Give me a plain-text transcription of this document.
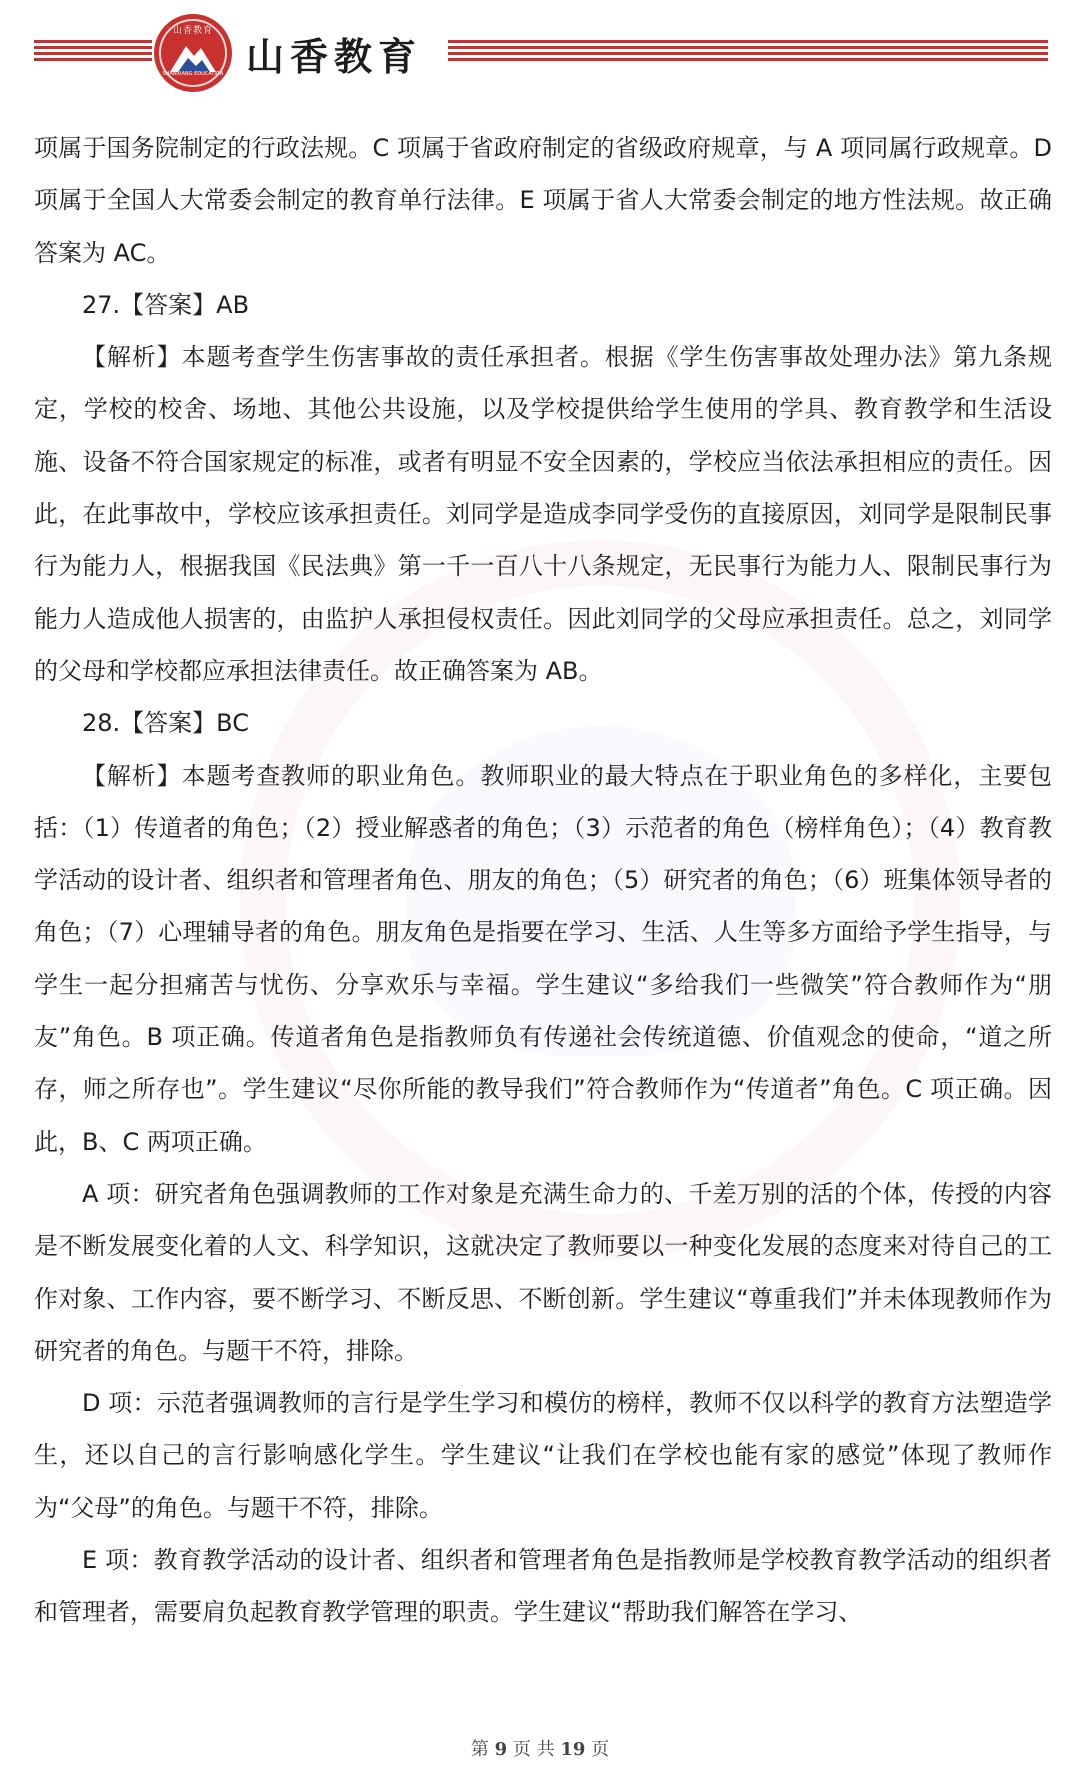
山香教育
SHANXIANG EDUCATION 山香教育

项属于国务院制定的行政法规。C 项属于省政府制定的省级政府规章，与 A 项同属行政规章。D 项属于全国人大常委会制定的教育单行法律。E 项属于省人大常委会制定的地方性法规。故正确答案为 AC。

27.【答案】AB

【解析】本题考查学生伤害事故的责任承担者。根据《学生伤害事故处理办法》第九条规定，学校的校舍、场地、其他公共设施，以及学校提供给学生使用的学具、教育教学和生活设施、设备不符合国家规定的标准，或者有明显不安全因素的，学校应当依法承担相应的责任。因此，在此事故中，学校应该承担责任。刘同学是造成李同学受伤的直接原因，刘同学是限制民事行为能力人，根据我国《民法典》第一千一百八十八条规定，无民事行为能力人、限制民事行为能力人造成他人损害的，由监护人承担侵权责任。因此刘同学的父母应承担责任。总之，刘同学的父母和学校都应承担法律责任。故正确答案为 AB。

28.【答案】BC

【解析】本题考查教师的职业角色。教师职业的最大特点在于职业角色的多样化，主要包括：（1）传道者的角色；（2）授业解惑者的角色；（3）示范者的角色（榜样角色）；（4）教育教学活动的设计者、组织者和管理者角色、朋友的角色；（5）研究者的角色；（6）班集体领导者的角色；（7）心理辅导者的角色。朋友角色是指要在学习、生活、人生等多方面给予学生指导，与学生一起分担痛苦与忧伤、分享欢乐与幸福。学生建议“多给我们一些微笑”符合教师作为“朋友”角色。B 项正确。传道者角色是指教师负有传递社会传统道德、价值观念的使命，“道之所存，师之所存也”。学生建议“尽你所能的教导我们”符合教师作为“传道者”角色。C 项正确。因此，B、C 两项正确。

A 项：研究者角色强调教师的工作对象是充满生命力的、千差万别的活的个体，传授的内容是不断发展变化着的人文、科学知识，这就决定了教师要以一种变化发展的态度来对待自己的工作对象、工作内容，要不断学习、不断反思、不断创新。学生建议“尊重我们”并未体现教师作为研究者的角色。与题干不符，排除。

D 项：示范者强调教师的言行是学生学习和模仿的榜样，教师不仅以科学的教育方法塑造学生，还以自己的言行影响感化学生。学生建议“让我们在学校也能有家的感觉”体现了教师作为“父母”的角色。与题干不符，排除。

E 项：教育教学活动的设计者、组织者和管理者角色是指教师是学校教育教学活动的组织者和管理者，需要肩负起教育教学管理的职责。学生建议“帮助我们解答在学习、

第 9 页 共 19 页
